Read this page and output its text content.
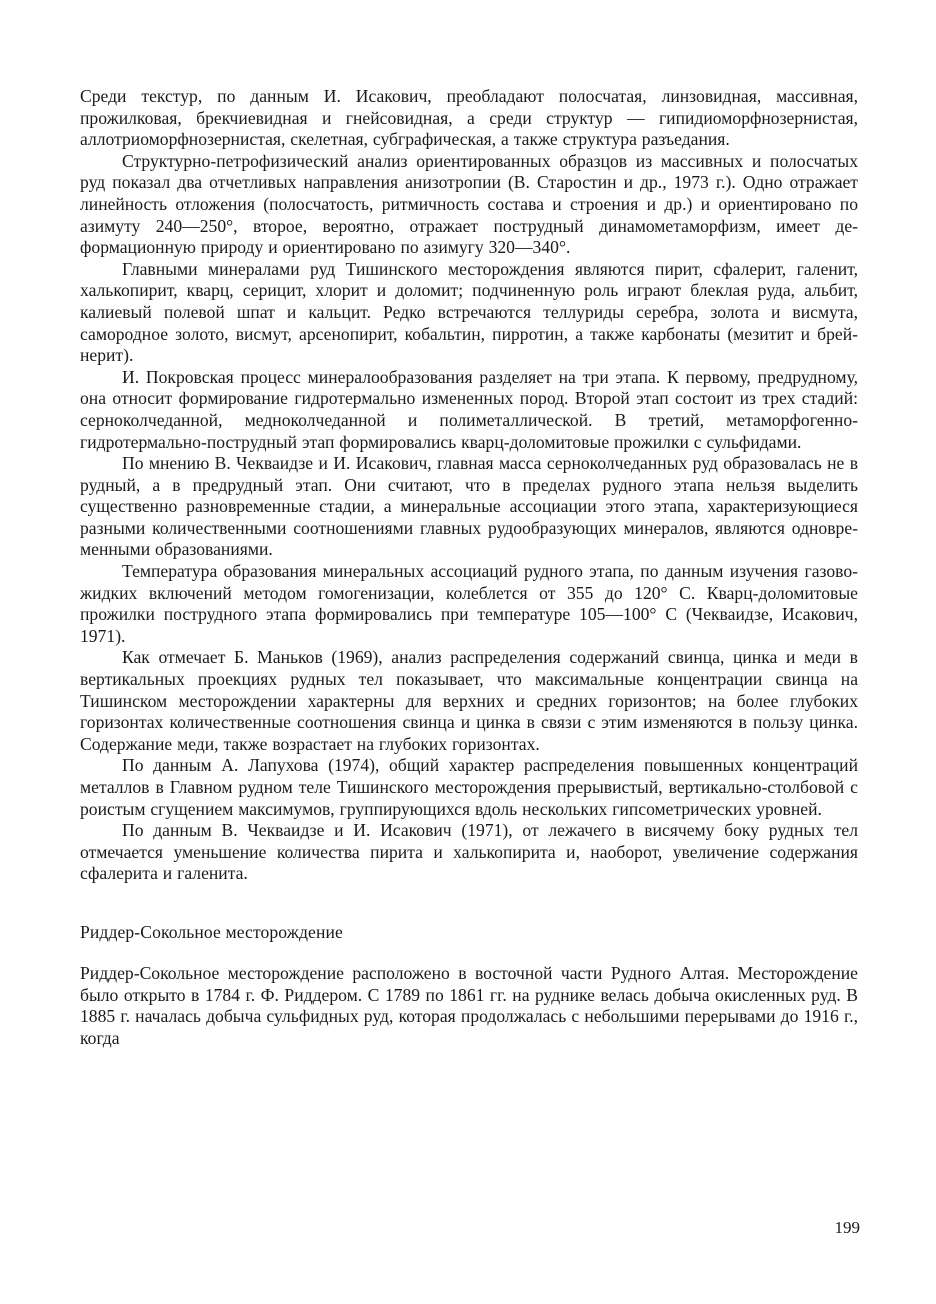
Среди текстур, по данным И. Исакович, преобладают полосчатая, линзовидная, массивная, прожилковая, брекчиевидная и гнейсовидная, а среди структур — гипидиоморфнозернистая, аллотриоморфнозернистая, скелетная, субграфическая, а также структура разъедания.

Структурно-петрофизический анализ ориентированных образцов из массивных и полосчатых руд показал два отчетливых направления анизотропии (В. Старостин и др., 1973 г.). Одно отражает линейность отложения (полосчатость, ритмичность состава и строения и др.) и ориентировано по азимуту 240—250°, второе, вероятно, отражает пострудный динамометаморфизм, имеет деформационную природу и ориентировано по азимугу 320—340°.

Главными минералами руд Тишинского месторождения являются пирит, сфалерит, галенит, халькопирит, кварц, серицит, хлорит и доломит; подчиненную роль играют блеклая руда, альбит, калиевый полевой шпат и кальцит. Редко встречаются теллуриды серебра, золота и висмута, самородное золото, висмут, арсенопирит, кобальтин, пирротин, а также карбонаты (мезитит и брейнерит).

И. Покровская процесс минералообразования разделяет на три этапа. К первому, предрудному, она относит формирование гидротермально измененных пород. Второй этап состоит из трех стадий: серноколчеданной, медноколчеданной и полиметаллической. В третий, метаморфогенно-гидротермально-пострудный этап формировались кварц-доломитовые прожилки с сульфидами.

По мнению В. Чекваидзе и И. Исакович, главная масса серноколчеданных руд образовалась не в рудный, а в предрудный этап. Они считают, что в пределах рудного этапа нельзя выделить существенно разновременные стадии, а минеральные ассоциации этого этапа, характеризующиеся разными количественными соотношениями главных рудообразующих минералов, являются одновременными образованиями.

Температура образования минеральных ассоциаций рудного этапа, по данным изучения газово-жидких включений методом гомогенизации, колеблется от 355 до 120° С. Кварц-доломитовые прожилки пострудного этапа формировались при температуре 105—100° С (Чекваидзе, Исакович, 1971).

Как отмечает Б. Маньков (1969), анализ распределения содержаний свинца, цинка и меди в вертикальных проекциях рудных тел показывает, что максимальные концентрации свинца на Тишинском месторождении характерны для верхних и средних горизонтов; на более глубоких горизонтах количественные соотношения свинца и цинка в связи с этим изменяются в пользу цинка. Содержание меди, также возрастает на глубоких горизонтах.

По данным А. Лапухова (1974), общий характер распределения повышенных концентраций металлов в Главном рудном теле Тишинского месторождения прерывистый, вертикально-столбовой с роистым сгущением максимумов, группирующихся вдоль нескольких гипсометрических уровней.

По данным В. Чекваидзе и И. Исакович (1971), от лежачего в висячему боку рудных тел отмечается уменьшение количества пирита и халькопирита и, наоборот, увеличение содержания сфалерита и галенита.

Риддер-Сокольное месторождение

Риддер-Сокольное месторождение расположено в восточной части Рудного Алтая. Месторождение было открыто в 1784 г. Ф. Риддером. С 1789 по 1861 гг. на руднике велась добыча окисленных руд. В 1885 г. началась добыча сульфидных руд, которая продолжалась с небольшими перерывами до 1916 г., когда

199
